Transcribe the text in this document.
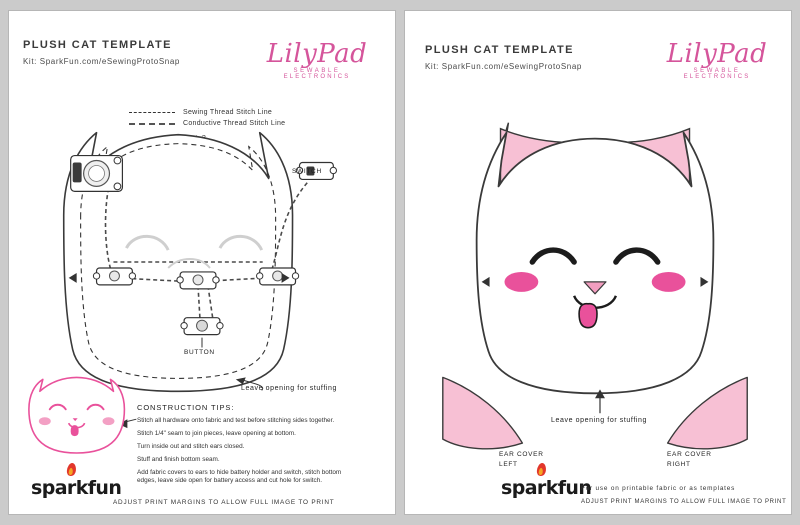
PLUSH CAT TEMPLATE
Kit: SparkFun.com/eSewingProtoSnap	LilyPad
SEWABLE
ELECTRONICS
Sewing Thread Stitch Line
Conductive Thread Stitch Line
SWITCH
BUTTON
Leave opening for stuffing
CONSTRUCTION TIPS:
Stitch all hardware onto fabric and test before stitching sides together.
Stitch 1/4" seam to join pieces, leave opening at bottom.
Turn inside out and stitch ears closed.
Stuff and finish bottom seam.
Add fabric covers to ears to hide battery holder and switch, stitch bottom edges, leave side open for battery access and cut hole for switch.
sparkfun
ADJUST PRINT MARGINS TO ALLOW FULL IMAGE TO PRINT
PLUSH CAT TEMPLATE
Kit: SparkFun.com/eSewingProtoSnap	LilyPad
SEWABLE
ELECTRONICS
Leave opening for stuffing
EAR COVER
LEFT
EAR COVER
RIGHT
sparkfun
For use on printable fabric or as templates
ADJUST PRINT MARGINS TO ALLOW FULL IMAGE TO PRINT
